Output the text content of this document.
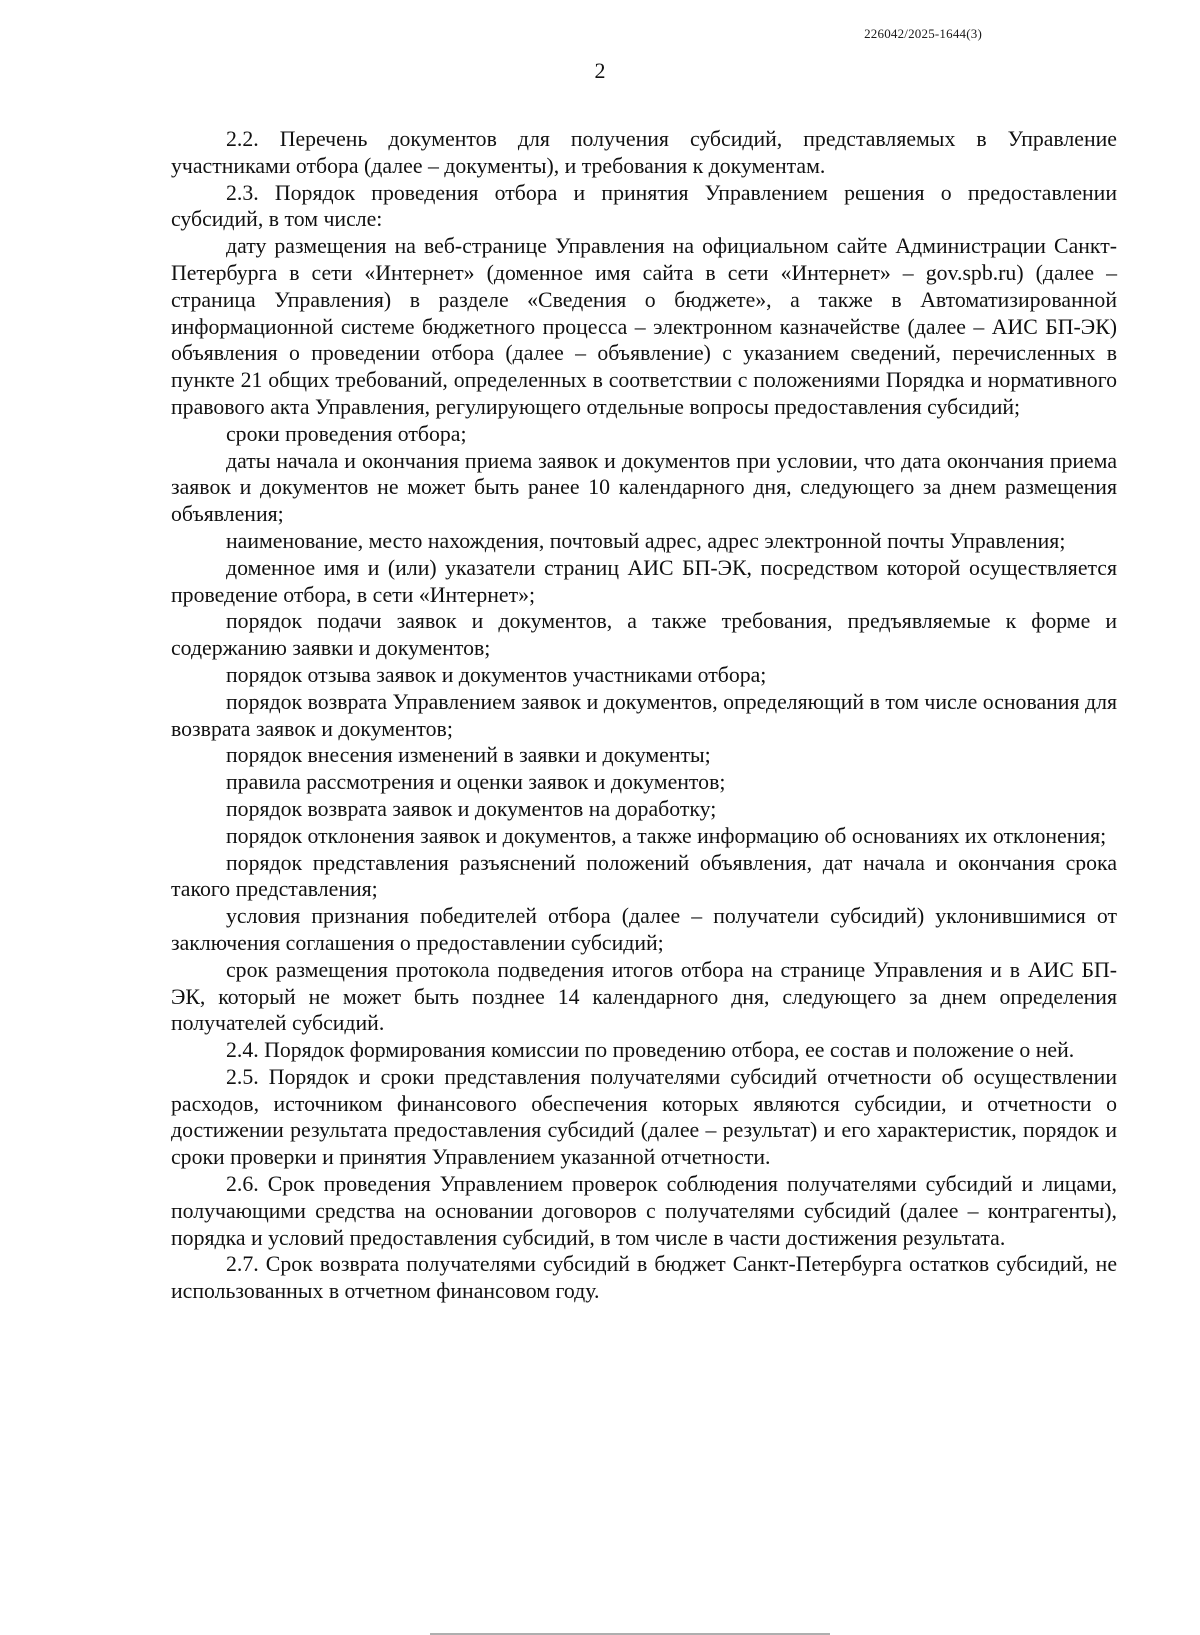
226042/2025-1644(3)
2

2.2. Перечень документов для получения субсидий, представляемых в Управление участниками отбора (далее – документы), и требования к документам.

2.3. Порядок проведения отбора и принятия Управлением решения о предоставлении субсидий, в том числе:

дату размещения на веб-странице Управления на официальном сайте Администрации Санкт-Петербурга в сети «Интернет» (доменное имя сайта в сети «Интернет» – gov.spb.ru) (далее – страница Управления) в разделе «Сведения о бюджете», а также в Автоматизированной информационной системе бюджетного процесса – электронном казначействе (далее – АИС БП-ЭК) объявления о проведении отбора (далее – объявление) с указанием сведений, перечисленных в пункте 21 общих требований, определенных в соответствии с положениями Порядка и нормативного правового акта Управления, регулирующего отдельные вопросы предоставления субсидий;

сроки проведения отбора;

даты начала и окончания приема заявок и документов при условии, что дата окончания приема заявок и документов не может быть ранее 10 календарного дня, следующего за днем размещения объявления;

наименование, место нахождения, почтовый адрес, адрес электронной почты Управления;

доменное имя и (или) указатели страниц АИС БП-ЭК, посредством которой осуществляется проведение отбора, в сети «Интернет»;

порядок подачи заявок и документов, а также требования, предъявляемые к форме и содержанию заявки и документов;

порядок отзыва заявок и документов участниками отбора;

порядок возврата Управлением заявок и документов, определяющий в том числе основания для возврата заявок и документов;

порядок внесения изменений в заявки и документы;

правила рассмотрения и оценки заявок и документов;

порядок возврата заявок и документов на доработку;

порядок отклонения заявок и документов, а также информацию об основаниях их отклонения;

порядок представления разъяснений положений объявления, дат начала и окончания срока такого представления;

условия признания победителей отбора (далее – получатели субсидий) уклонившимися от заключения соглашения о предоставлении субсидий;

срок размещения протокола подведения итогов отбора на странице Управления и в АИС БП-ЭК, который не может быть позднее 14 календарного дня, следующего за днем определения получателей субсидий.

2.4. Порядок формирования комиссии по проведению отбора, ее состав и положение о ней.

2.5. Порядок и сроки представления получателями субсидий отчетности об осуществлении расходов, источником финансового обеспечения которых являются субсидии, и отчетности о достижении результата предоставления субсидий (далее – результат) и его характеристик, порядок и сроки проверки и принятия Управлением указанной отчетности.

2.6. Срок проведения Управлением проверок соблюдения получателями субсидий и лицами, получающими средства на основании договоров с получателями субсидий (далее – контрагенты), порядка и условий предоставления субсидий, в том числе в части достижения результата.

2.7. Срок возврата получателями субсидий в бюджет Санкт-Петербурга остатков субсидий, не использованных в отчетном финансовом году.
